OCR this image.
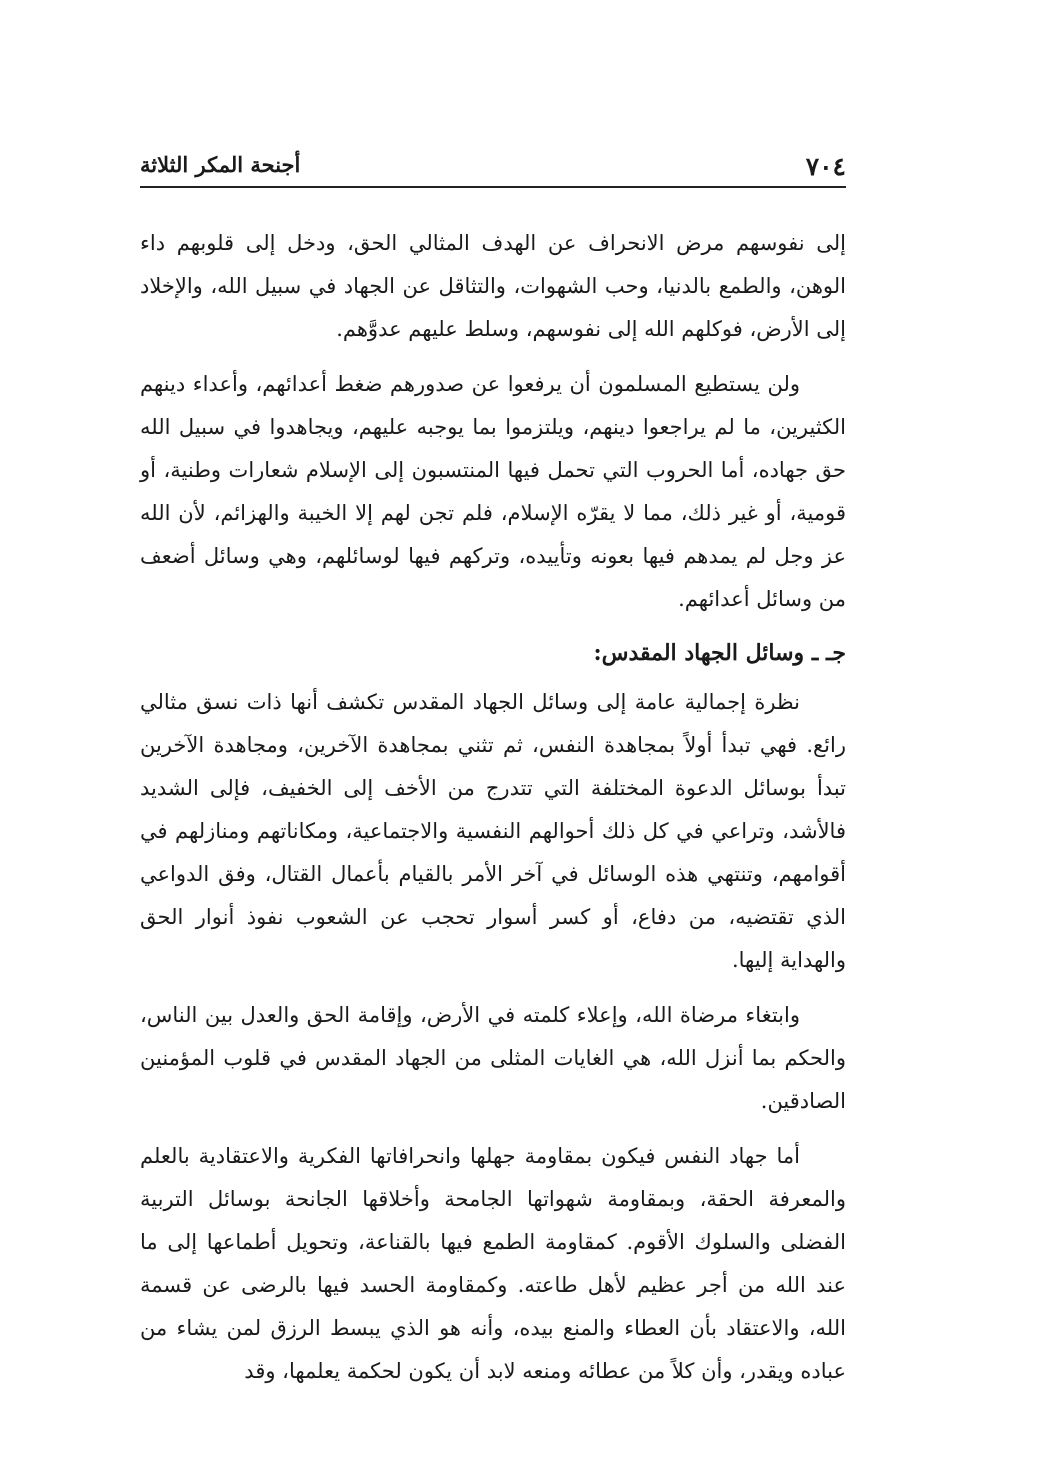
٧٠٤
أجنحة المكر الثلاثة

إلى نفوسهم مرض الانحراف عن الهدف المثالي الحق، ودخل إلى قلوبهم داء الوهن، والطمع بالدنيا، وحب الشهوات، والتثاقل عن الجهاد في سبيل الله، والإخلاد إلى الأرض، فوكلهم الله إلى نفوسهم، وسلط عليهم عدوَّهم.

ولن يستطيع المسلمون أن يرفعوا عن صدورهم ضغط أعدائهم، وأعداء دينهم الكثيرين، ما لم يراجعوا دينهم، ويلتزموا بما يوجبه عليهم، ويجاهدوا في سبيل الله حق جهاده، أما الحروب التي تحمل فيها المنتسبون إلى الإسلام شعارات وطنية، أو قومية، أو غير ذلك، مما لا يقرّه الإسلام، فلم تجن لهم إلا الخيبة والهزائم، لأن الله عز وجل لم يمدهم فيها بعونه وتأييده، وتركهم فيها لوسائلهم، وهي وسائل أضعف من وسائل أعدائهم.

جـ ـ وسائل الجهاد المقدس:

نظرة إجمالية عامة إلى وسائل الجهاد المقدس تكشف أنها ذات نسق مثالي رائع. فهي تبدأ أولاً بمجاهدة النفس، ثم تثني بمجاهدة الآخرين، ومجاهدة الآخرين تبدأ بوسائل الدعوة المختلفة التي تتدرج من الأخف إلى الخفيف، فإلى الشديد فالأشد، وتراعي في كل ذلك أحوالهم النفسية والاجتماعية، ومكاناتهم ومنازلهم في أقوامهم، وتنتهي هذه الوسائل في آخر الأمر بالقيام بأعمال القتال، وفق الدواعي الذي تقتضيه، من دفاع، أو كسر أسوار تحجب عن الشعوب نفوذ أنوار الحق والهداية إليها.

وابتغاء مرضاة الله، وإعلاء كلمته في الأرض، وإقامة الحق والعدل بين الناس، والحكم بما أنزل الله، هي الغايات المثلى من الجهاد المقدس في قلوب المؤمنين الصادقين.

أما جهاد النفس فيكون بمقاومة جهلها وانحرافاتها الفكرية والاعتقادية بالعلم والمعرفة الحقة، وبمقاومة شهواتها الجامحة وأخلاقها الجانحة بوسائل التربية الفضلى والسلوك الأقوم. كمقاومة الطمع فيها بالقناعة، وتحويل أطماعها إلى ما عند الله من أجر عظيم لأهل طاعته. وكمقاومة الحسد فيها بالرضى عن قسمة الله، والاعتقاد بأن العطاء والمنع بيده، وأنه هو الذي يبسط الرزق لمن يشاء من عباده ويقدر، وأن كلاً من عطائه ومنعه لابد أن يكون لحكمة يعلمها، وقد
